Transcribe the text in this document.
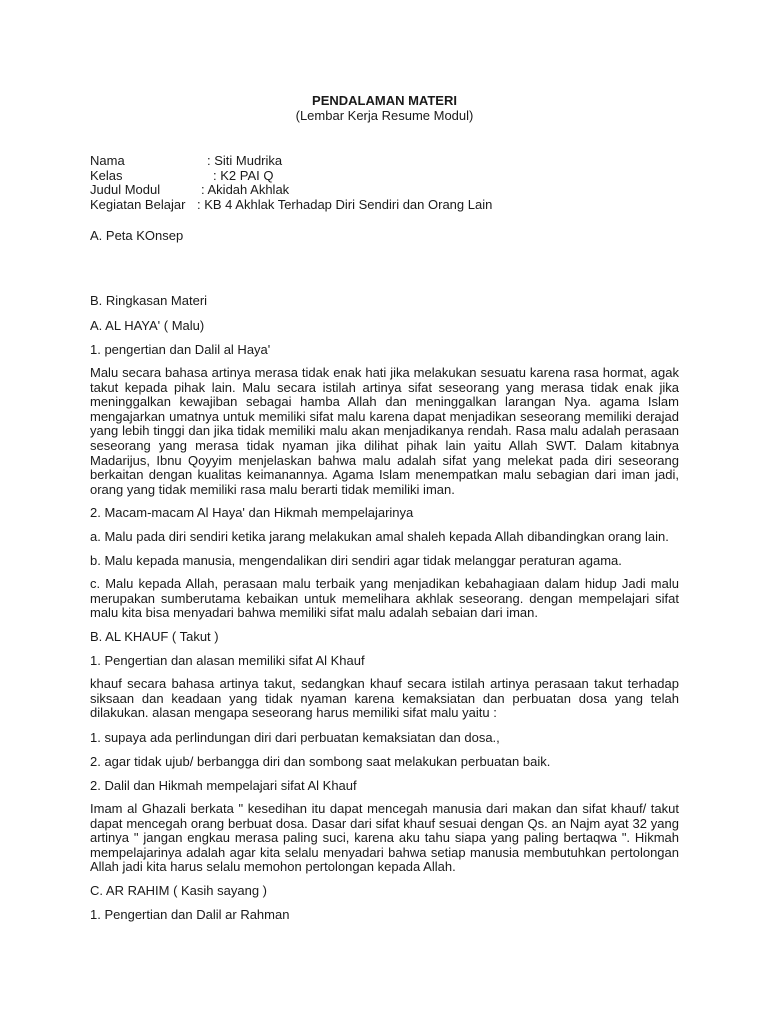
PENDALAMAN MATERI
(Lembar Kerja Resume Modul)
Nama	: Siti Mudrika
Kelas	: K2 PAI Q
Judul Modul	: Akidah Akhlak
Kegiatan Belajar : KB 4 Akhlak Terhadap Diri Sendiri dan Orang Lain
A. Peta KOnsep
B. Ringkasan Materi
A. AL HAYA' ( Malu)
1. pengertian dan Dalil al Haya'
Malu secara bahasa artinya merasa tidak enak hati jika melakukan sesuatu karena rasa hormat, agak takut kepada pihak lain. Malu secara istilah artinya sifat seseorang yang merasa tidak enak jika meninggalkan kewajiban sebagai hamba Allah dan meninggalkan larangan Nya. agama Islam mengajarkan umatnya untuk memiliki sifat malu karena dapat menjadikan seseorang memiliki derajad yang lebih tinggi dan jika tidak memiliki malu akan menjadikanya rendah. Rasa malu adalah perasaan seseorang yang merasa tidak nyaman jika dilihat pihak lain yaitu Allah SWT. Dalam kitabnya Madarijus, Ibnu Qoyyim menjelaskan bahwa malu adalah sifat yang melekat pada diri seseorang berkaitan dengan kualitas keimanannya. Agama Islam menempatkan malu sebagian dari iman jadi, orang yang tidak memiliki rasa malu berarti tidak memiliki iman.
2. Macam-macam Al Haya' dan Hikmah mempelajarinya
a. Malu pada diri sendiri ketika jarang melakukan amal shaleh kepada Allah dibandingkan orang lain.
b. Malu kepada manusia, mengendalikan diri sendiri agar tidak melanggar peraturan agama.
c. Malu kepada Allah, perasaan malu terbaik yang menjadikan kebahagiaan dalam hidup Jadi malu merupakan sumberutama kebaikan untuk memelihara akhlak seseorang. dengan mempelajari sifat malu kita bisa menyadari bahwa memiliki sifat malu adalah sebaian dari iman.
B. AL KHAUF ( Takut )
1. Pengertian dan alasan memiliki sifat Al Khauf
khauf secara bahasa artinya takut, sedangkan khauf secara istilah artinya perasaan takut terhadap siksaan dan keadaan yang tidak nyaman karena kemaksiatan dan perbuatan dosa yang telah dilakukan. alasan mengapa seseorang harus memiliki sifat malu yaitu :
1. supaya ada perlindungan diri dari perbuatan kemaksiatan dan dosa.,
2. agar tidak ujub/ berbangga diri dan sombong saat melakukan perbuatan baik.
2. Dalil dan Hikmah mempelajari sifat Al Khauf
Imam al Ghazali berkata " kesedihan itu dapat mencegah manusia dari makan dan sifat khauf/ takut dapat mencegah orang berbuat dosa. Dasar dari sifat khauf sesuai dengan Qs. an Najm ayat 32 yang artinya " jangan engkau merasa paling suci, karena aku tahu siapa yang paling bertaqwa ". Hikmah mempelajarinya adalah agar kita selalu menyadari bahwa setiap manusia membutuhkan pertolongan Allah jadi kita harus selalu memohon pertolongan kepada Allah.
C. AR RAHIM ( Kasih sayang )
1. Pengertian dan Dalil ar Rahman
